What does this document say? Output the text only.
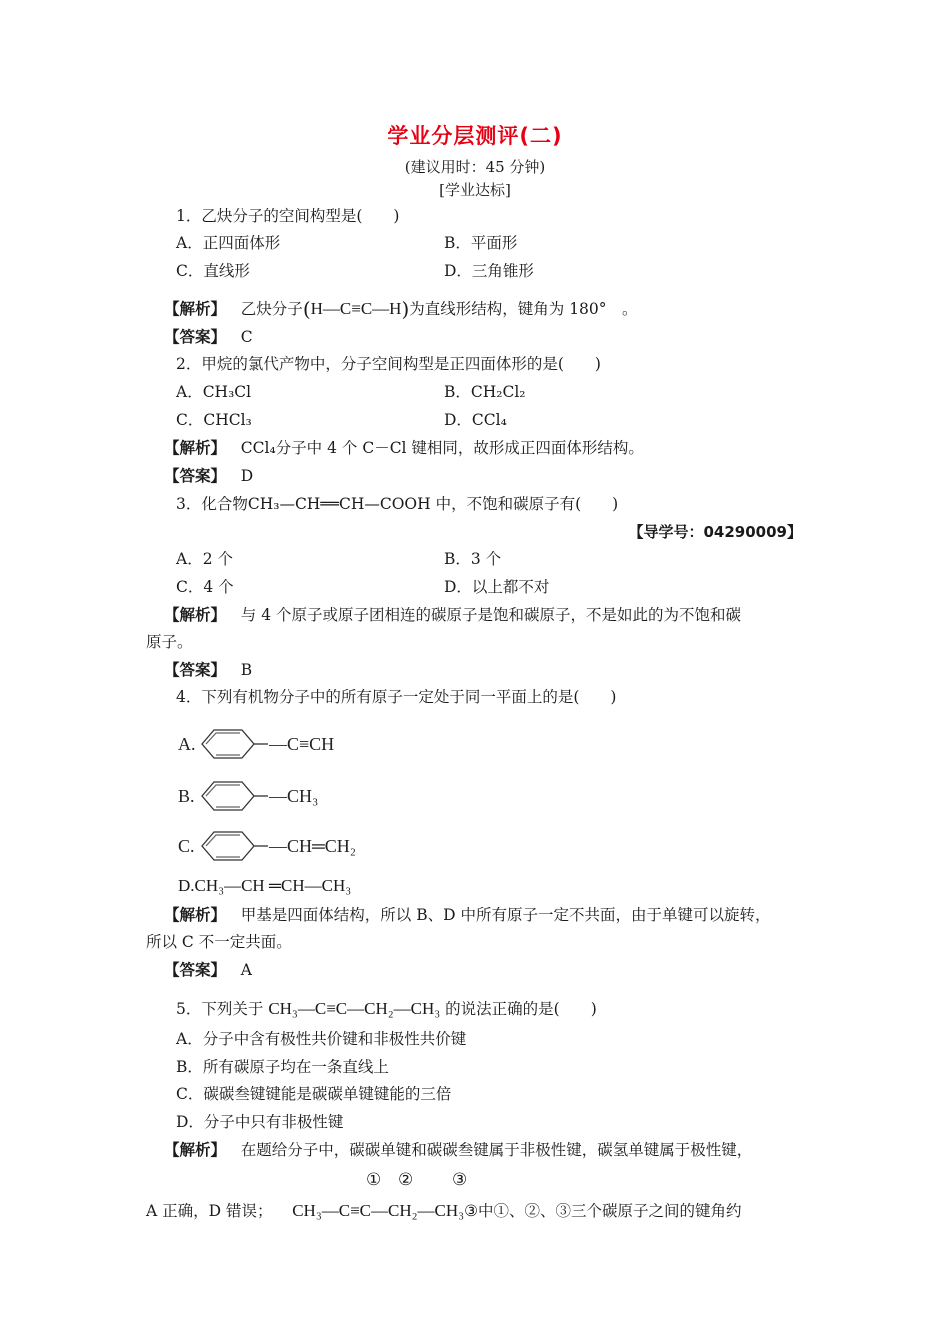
学业分层测评(二)
(建议用时：45 分钟)
[学业达标]
1．乙炔分子的空间构型是(　　)
A．正四面体形	B．平面形
C．直线形	D．三角锥形
【解析】 乙炔分子(H—C≡C—H)为直线形结构，键角为 180°　。
【答案】 C
2．甲烷的氯代产物中，分子空间构型是正四面体形的是(　　)
A．CH₃Cl	B．CH₂Cl₂
C．CHCl₃	D．CCl₄
【解析】 CCl₄分子中 4 个 C－Cl 键相同，故形成正四面体形结构。
【答案】 D
3．化合物CH₃—CH══CH—COOH 中，不饱和碳原子有(　　)
【导学号：04290009】
A．2 个	B．3 个
C．4 个	D．以上都不对
【解析】 与 4 个原子或原子团相连的碳原子是饱和碳原子，不是如此的为不饱和碳
原子。
【答案】 B
4．下列有机物分子中的所有原子一定处于同一平面上的是(　　)
A.	—C≡CH
B.	—CH₃
C.	—CH═CH₂
D.CH₃—CH ═CH—CH₃
【解析】 甲基是四面体结构，所以 B、D 中所有原子一定不共面，由于单键可以旋转，
所以 C 不一定共面。
【答案】 A
5．下列关于 CH₃—C≡C—CH₂—CH₃ 的说法正确的是(　　)
A．分子中含有极性共价键和非极性共价键
B．所有碳原子均在一条直线上
C．碳碳叁键键能是碳碳单键键能的三倍
D．分子中只有非极性键
【解析】 在题给分子中，碳碳单键和碳碳叁键属于非极性键，碳氢单键属于极性键，
① ② ③
A 正确，D 错误； CH₃—C≡C—CH₂—CH₃③中①、②、③三个碳原子之间的键角约
